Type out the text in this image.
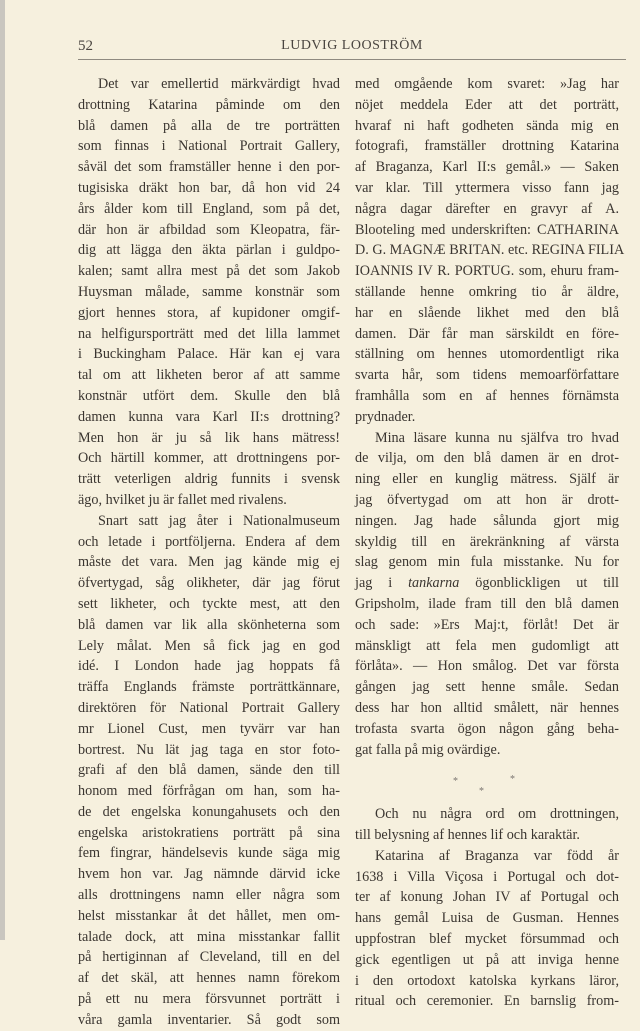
52	LUDVIG LOOSTRÖM
Det var emellertid märkvärdigt hvad
drottning Katarina påminde om den
blå damen på alla de tre porträtten
som finnas i National Portrait Gallery,
såväl det som framställer henne i den por-
tugisiska dräkt hon bar, då hon vid 24
års ålder kom till England, som på det,
där hon är afbildad som Kleopatra, fär-
dig att lägga den äkta pärlan i guldpo-
kalen; samt allra mest på det som Jakob
Huysman målade, samme konstnär som
gjort hennes stora, af kupidoner omgif-
na helfigursporträtt med det lilla lammet
i Buckingham Palace. Här kan ej vara
tal om att likheten beror af att samme
konstnär utfört dem. Skulle den blå
damen kunna vara Karl II:s drottning?
Men hon är ju så lik hans mätress!
Och härtill kommer, att drottningens por-
trätt veterligen aldrig funnits i svensk
ägo, hvilket ju är fallet med rivalens.
Snart satt jag åter i Nationalmuseum
och letade i portföljerna. Endera af dem
måste det vara. Men jag kände mig ej
öfvertygad, såg olikheter, där jag förut
sett likheter, och tyckte mest, att den
blå damen var lik alla skönheterna som
Lely målat. Men så fick jag en god
idé. I London hade jag hoppats få
träffa Englands främste porträttkännare,
direktören för National Portrait Gallery
mr Lionel Cust, men tyvärr var han
bortrest. Nu lät jag taga en stor foto-
grafi af den blå damen, sände den till
honom med förfrågan om han, som ha-
de det engelska konungahusets och den
engelska aristokratiens porträtt på sina
fem fingrar, händelsevis kunde säga mig
hvem hon var. Jag nämnde därvid icke
alls drottningens namn eller några som
helst misstankar åt det hållet, men om-
talade dock, att mina misstankar fallit
på hertiginnan af Cleveland, till en del
af det skäl, att hennes namn förekom
på ett nu mera försvunnet porträtt i
våra gamla inventarier. Så godt som
med omgående kom svaret: »Jag har
nöjet meddela Eder att det porträtt,
hvaraf ni haft godheten sända mig en
fotografi, framställer drottning Katarina
af Braganza, Karl II:s gemål.» — Saken
var klar. Till yttermera visso fann jag
några dagar därefter en gravyr af A.
Blooteling med underskriften: CATHARINA
D. G. MAGNÆ BRITAN. etc. REGINA FILIA
IOANNIS IV R. PORTUG. som, ehuru fram-
ställande henne omkring tio år äldre,
har en slående likhet med den blå
damen. Där får man särskildt en före-
ställning om hennes utomordentligt rika
svarta hår, som tidens memoarförfattare
framhålla som en af hennes förnämsta
prydnader.
Mina läsare kunna nu själfva tro hvad
de vilja, om den blå damen är en drot-
ning eller en kunglig mätress. Själf är
jag öfvertygad om att hon är drott-
ningen. Jag hade sålunda gjort mig
skyldig till en ärekränkning af värsta
slag genom min fula misstanke. Nu for
jag i tankarna ögonblickligen ut till
Gripsholm, ilade fram till den blå damen
och sade: »Ers Maj:t, förlåt! Det är
mänskligt att fela men gudomligt att
förlåta». — Hon smålog. Det var första
gången jag sett henne småle. Sedan
dess har hon alltid smålett, när hennes
trofasta svarta ögon någon gång beha-
gat falla på mig ovärdige.
*
*
*
Och nu några ord om drottningen,
till belysning af hennes lif och karaktär.
Katarina af Braganza var född år
1638 i Villa Viçosa i Portugal och dot-
ter af konung Johan IV af Portugal och
hans gemål Luisa de Gusman. Hennes
uppfostran blef mycket försummad och
gick egentligen ut på att inviga henne
i den ortodoxt katolska kyrkans läror,
ritual och ceremonier. En barnslig from-
